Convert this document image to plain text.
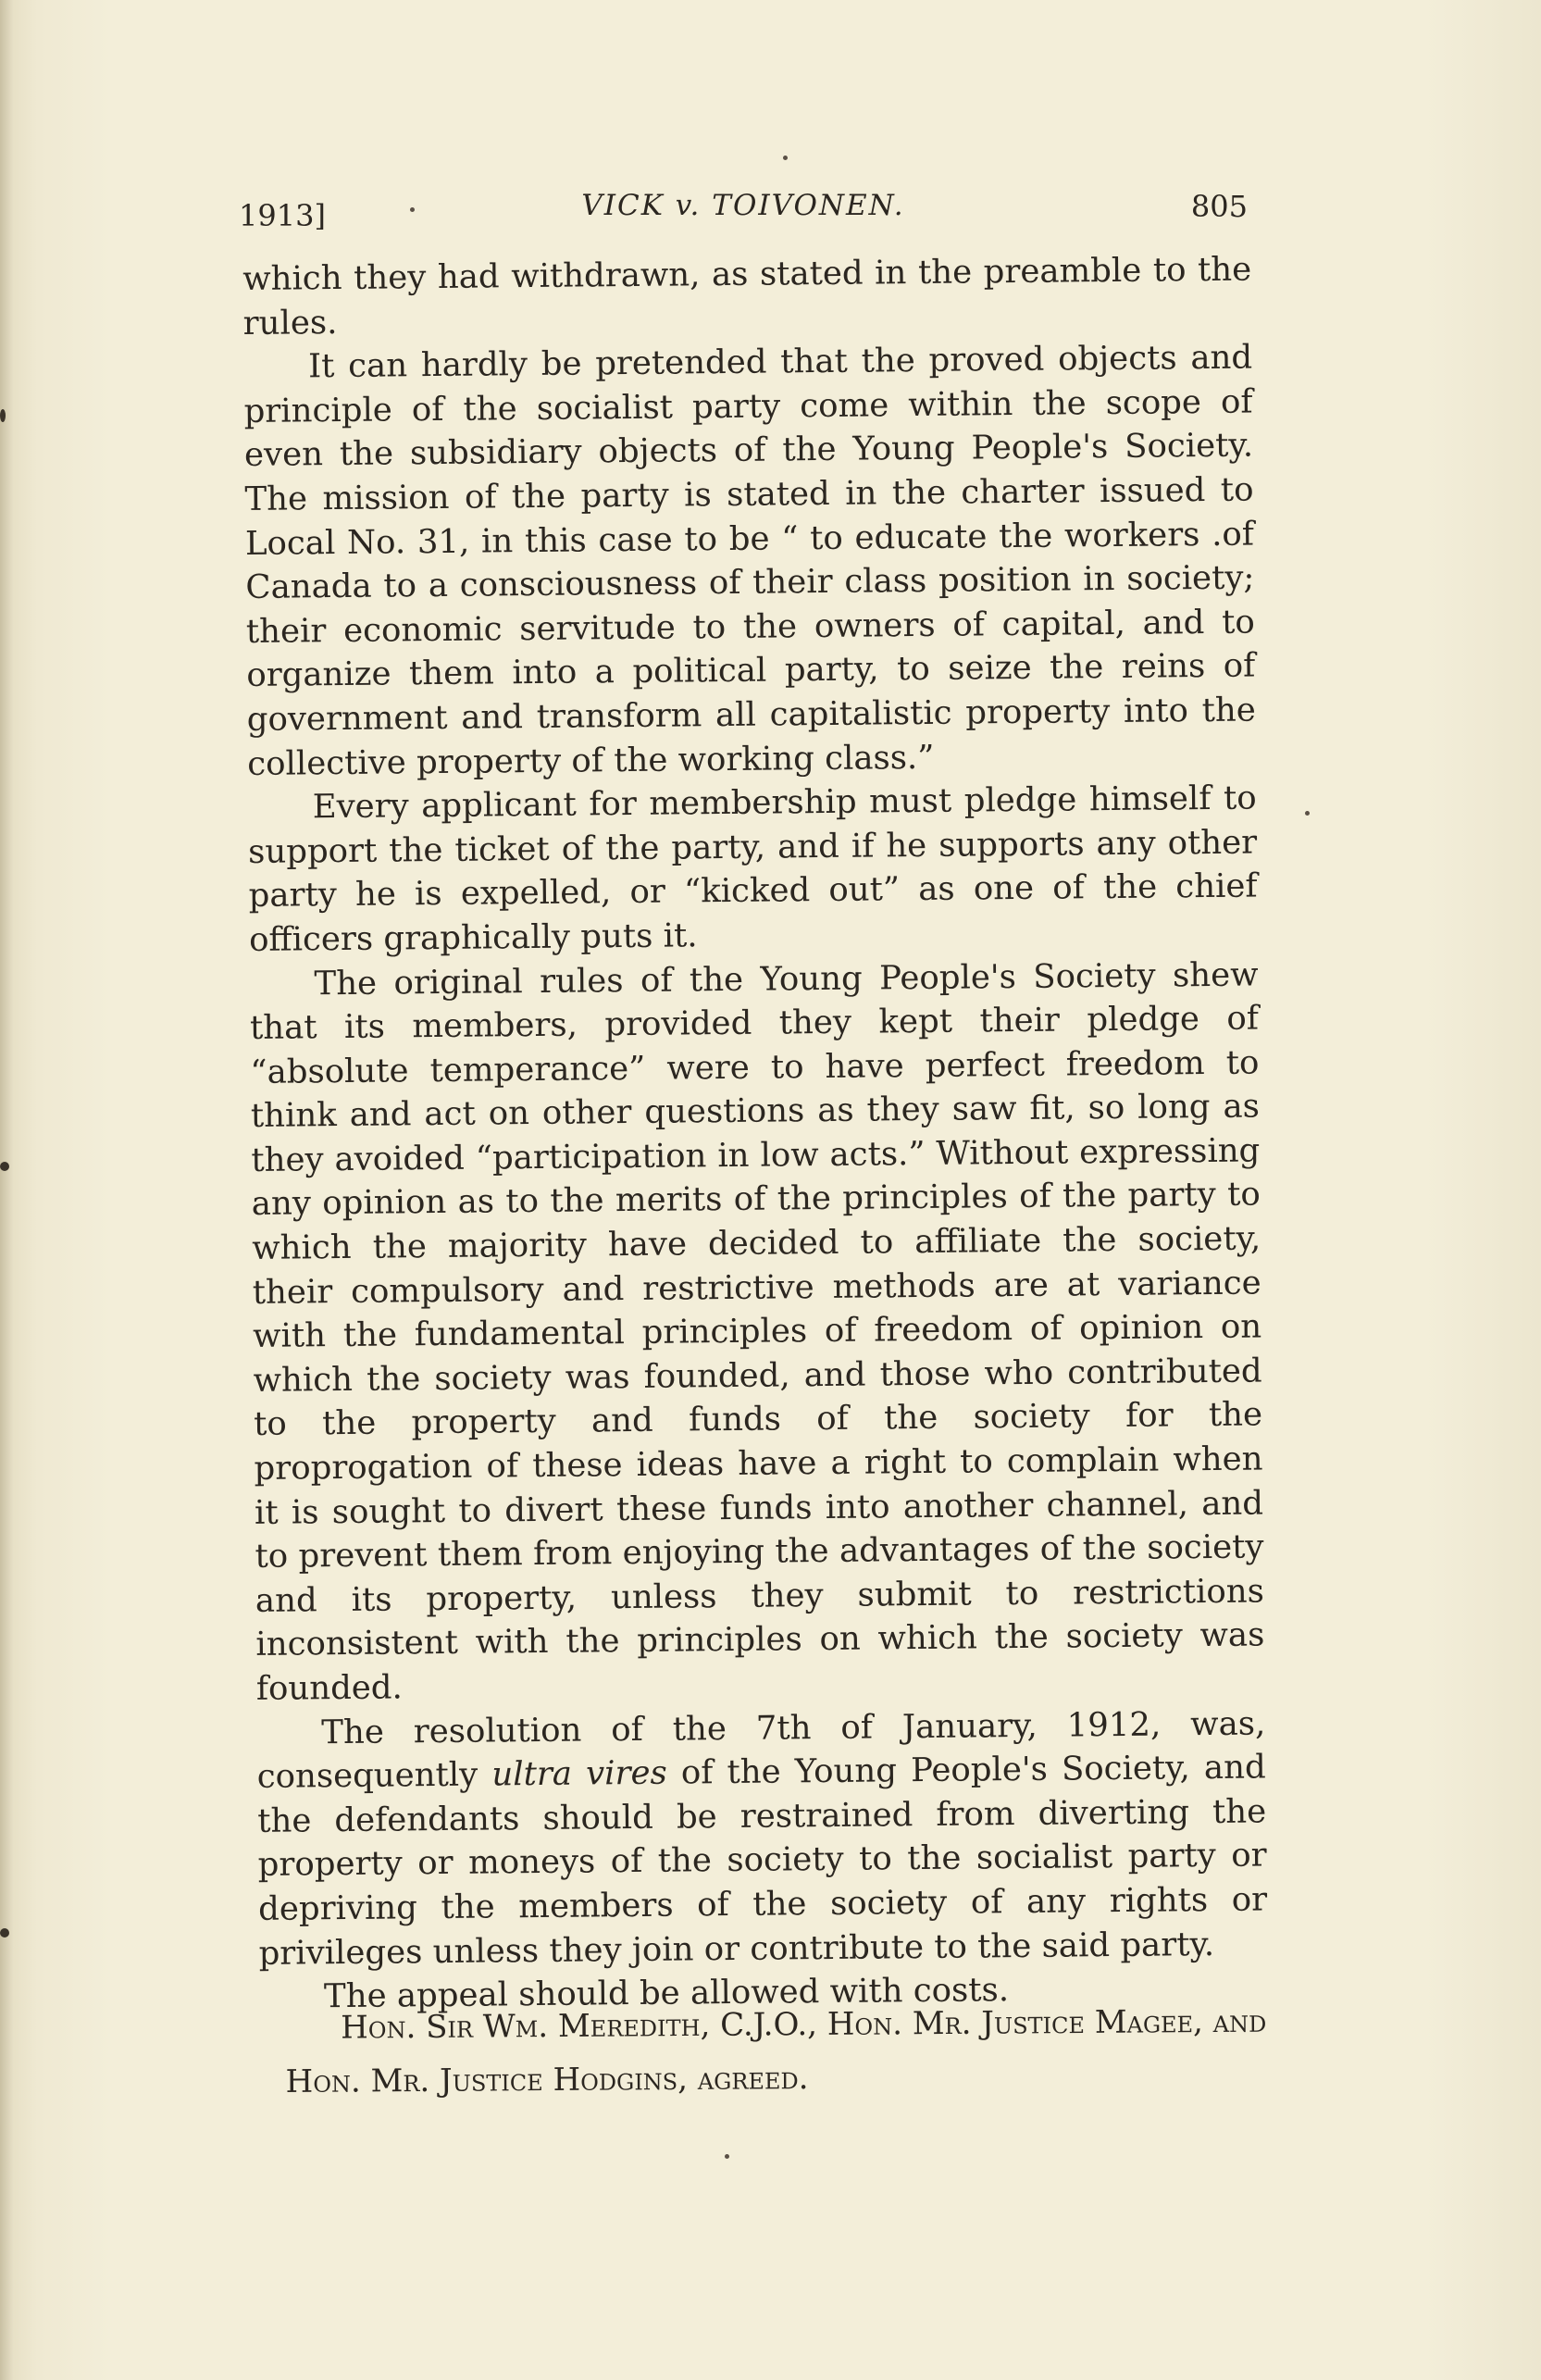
1913]	VICK v. TOIVONEN.	805

which they had withdrawn, as stated in the preamble to the rules.

It can hardly be pretended that the proved objects and principle of the socialist party come within the scope of even the subsidiary objects of the Young People's Society. The mission of the party is stated in the charter issued to Local No. 31, in this case to be “ to educate the workers .of Canada to a consciousness of their class position in society; their economic servitude to the owners of capital, and to organize them into a political party, to seize the reins of government and transform all capitalistic property into the collective property of the working class.”

Every applicant for membership must pledge himself to support the ticket of the party, and if he supports any other party he is expelled, or “kicked out” as one of the chief officers graphically puts it.

The original rules of the Young People's Society shew that its members, provided they kept their pledge of “absolute temperance” were to have perfect freedom to think and act on other questions as they saw fit, so long as they avoided “participation in low acts.” Without expressing any opinion as to the merits of the principles of the party to which the majority have decided to affiliate the society, their compulsory and restrictive methods are at variance with the fundamental principles of freedom of opinion on which the society was founded, and those who contributed to the property and funds of the society for the proprogation of these ideas have a right to complain when it is sought to divert these funds into another channel, and to prevent them from enjoying the advantages of the society and its property, unless they submit to restrictions inconsistent with the principles on which the society was founded.

The resolution of the 7th of January, 1912, was, consequently ultra vires of the Young People's Society, and the defendants should be restrained from diverting the property or moneys of the society to the socialist party or depriving the members of the society of any rights or privileges unless they join or contribute to the said party.

The appeal should be allowed with costs.

Hon. Sir Wm. Meredith, C.J.O., Hon. Mr. Justice Magee, and Hon. Mr. Justice Hodgins, agreed.
